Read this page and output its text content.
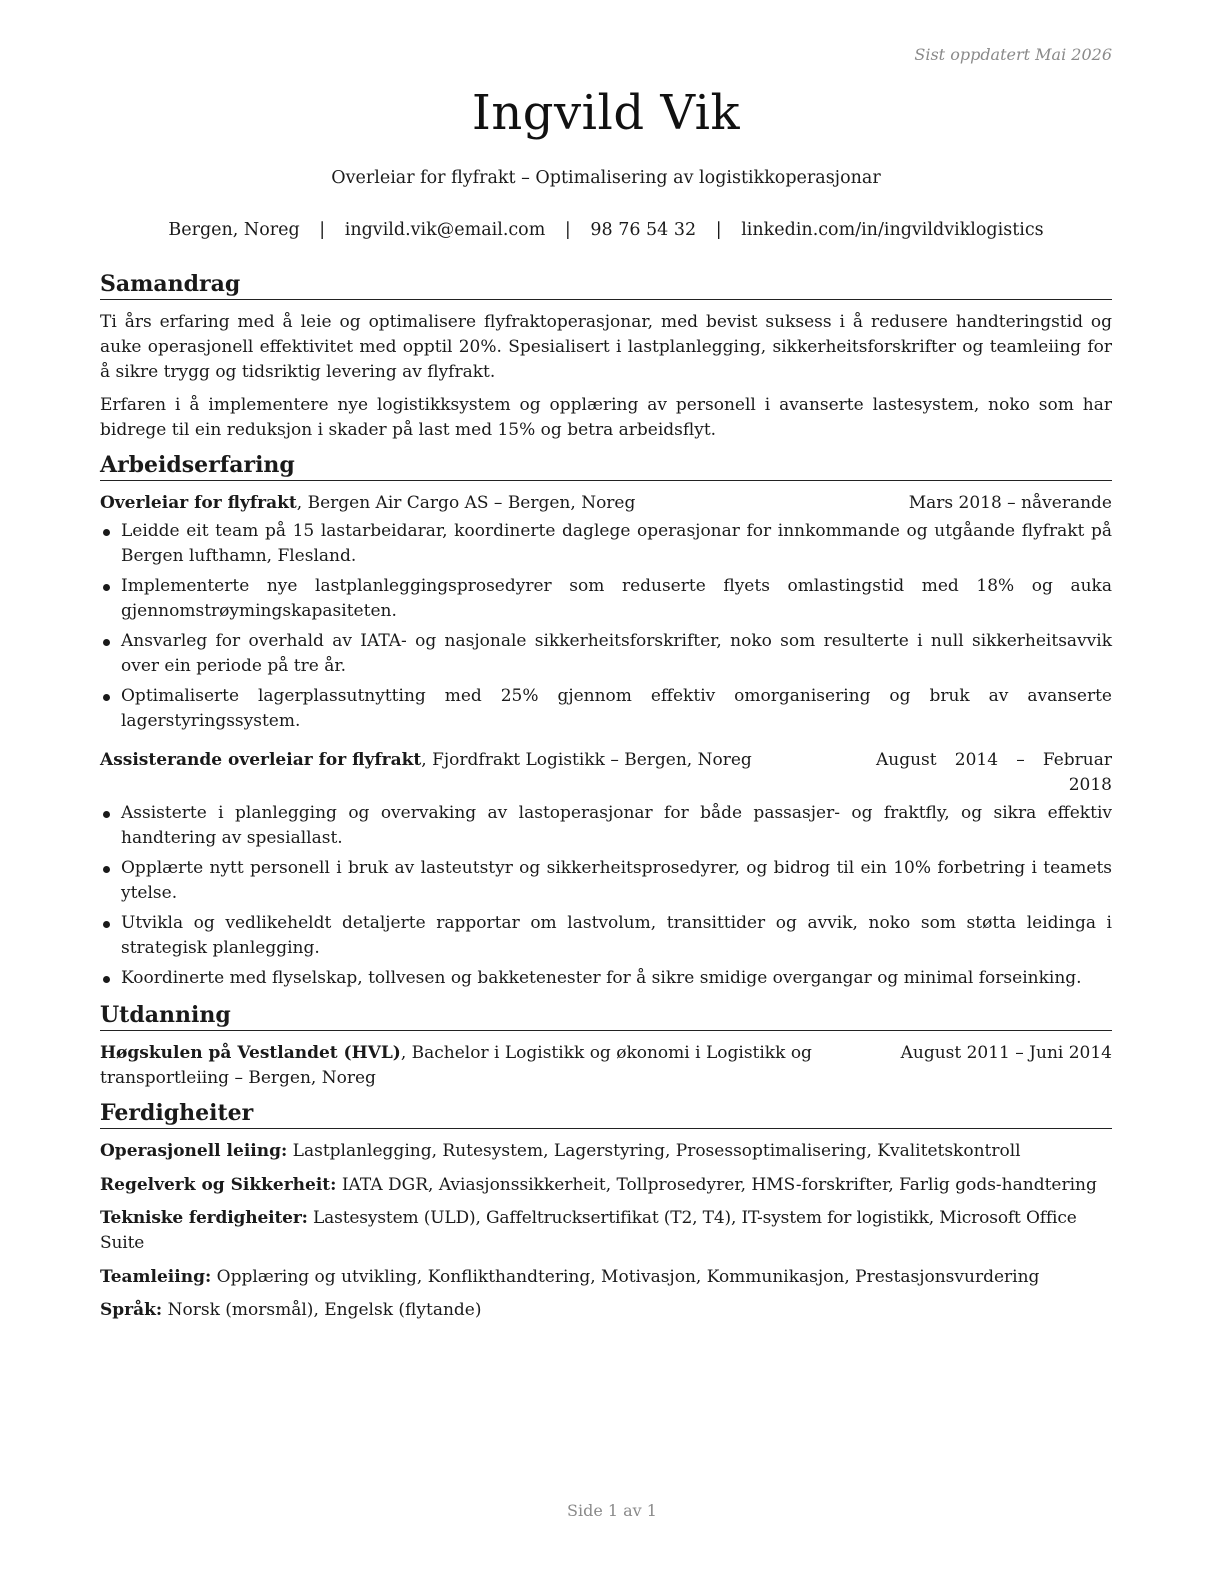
Sist oppdatert Mai 2026
Ingvild Vik
Overleiar for flyfrakt – Optimalisering av logistikkoperasjonar
Bergen, Noreg | ingvild.vik@email.com | 98 76 54 32 | linkedin.com/in/ingvildviklogistics
Samandrag

Ti års erfaring med å leie og optimalisere flyfraktoperasjonar, med bevist suksess i å redusere handteringstid og auke operasjonell effektivitet med opptil 20%. Spesialisert i lastplanlegging, sikkerheitsforskrifter og teamleiing for å sikre trygg og tidsriktig levering av flyfrakt.

Erfaren i å implementere nye logistikksystem og opplæring av personell i avanserte lastesystem, noko som har bidrege til ein reduksjon i skader på last med 15% og betra arbeidsflyt.

Arbeidserfaring
Overleiar for flyfrakt, Bergen Air Cargo AS – Bergen, Noreg	Mars 2018 – nåverande
Leidde eit team på 15 lastarbeidarar, koordinerte daglege operasjonar for innkommande og utgåande flyfrakt på Bergen lufthamn, Flesland.
Implementerte nye lastplanleggingsprosedyrer som reduserte flyets omlastingstid med 18% og auka gjennomstrøymingskapasiteten.
Ansvarleg for overhald av IATA- og nasjonale sikkerheitsforskrifter, noko som resulterte i null sikkerheitsavvik over ein periode på tre år.
Optimaliserte lagerplassutnytting med 25% gjennom effektiv omorganisering og bruk av avanserte lagerstyringssystem.
Assisterande overleiar for flyfrakt, Fjordfrakt Logistikk – Bergen, Noreg	August 2014 – Februar 2018
Assisterte i planlegging og overvaking av lastoperasjonar for både passasjer- og fraktfly, og sikra effektiv handtering av spesiallast.
Opplærte nytt personell i bruk av lasteutstyr og sikkerheitsprosedyrer, og bidrog til ein 10% forbetring i teamets ytelse.
Utvikla og vedlikeheldt detaljerte rapportar om lastvolum, transittider og avvik, noko som støtta leidinga i strategisk planlegging.
Koordinerte med flyselskap, tollvesen og bakketenester for å sikre smidige overgangar og minimal forseinking.
Utdanning
Høgskulen på Vestlandet (HVL), Bachelor i Logistikk og økonomi i Logistikk og transportleiing – Bergen, Noreg
August 2011 – Juni 2014
Ferdigheiter
Operasjonell leiing: Lastplanlegging, Rutesystem, Lagerstyring, Prosessoptimalisering, Kvalitetskontroll
Regelverk og Sikkerheit: IATA DGR, Aviasjonssikkerheit, Tollprosedyrer, HMS-forskrifter, Farlig gods-handtering
Tekniske ferdigheiter: Lastesystem (ULD), Gaffeltrucksertifikat (T2, T4), IT-system for logistikk, Microsoft Office Suite
Teamleiing: Opplæring og utvikling, Konflikthandtering, Motivasjon, Kommunikasjon, Prestasjonsvurdering
Språk: Norsk (morsmål), Engelsk (flytande)
Side 1 av 1
